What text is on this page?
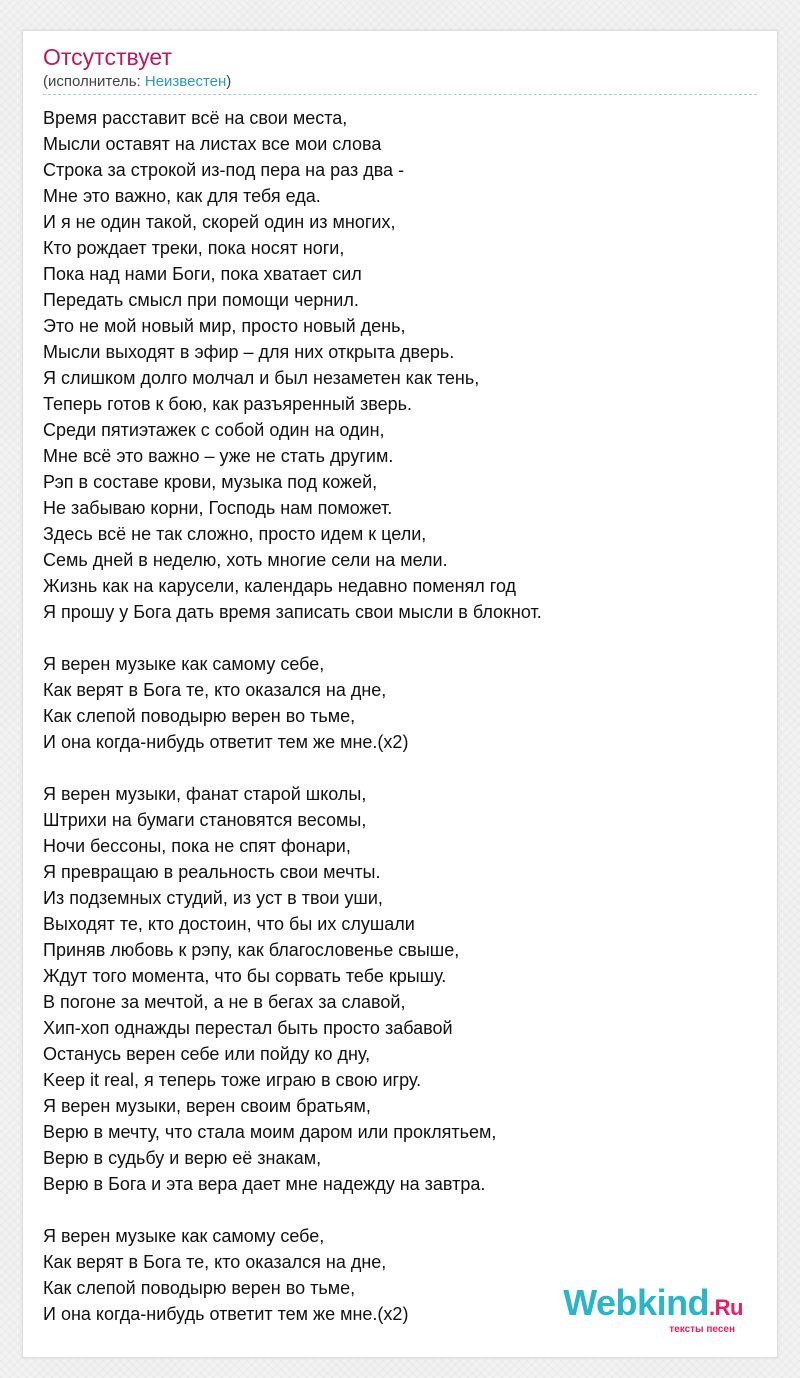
Отсутствует
(исполнитель: Неизвестен)
Время расставит всё на свои места,
Мысли оставят на листах все мои слова
Строка за строкой из-под пера на раз два -
Мне это важно, как для тебя еда.
И я не один такой, скорей один из многих,
Кто рождает треки, пока носят ноги,
Пока над нами Боги, пока хватает сил
Передать смысл при помощи чернил.
Это не мой новый мир, просто новый день,
Мысли выходят в эфир – для них открыта дверь.
Я слишком долго молчал и был незаметен как тень,
Теперь готов к бою, как разъяренный зверь.
Среди пятиэтажек с собой один на один,
Мне всё это важно – уже не стать другим.
Рэп в составе крови, музыка под кожей,
Не забываю корни, Господь нам поможет.
Здесь всё не так сложно, просто идем к цели,
Семь дней в неделю, хоть многие сели на мели.
Жизнь как на карусели, календарь недавно поменял год
Я прошу у Бога дать время записать свои мысли в блокнот.
Я верен музыке как самому себе,
Как верят в Бога те, кто оказался на дне,
Как слепой поводырю верен во тьме,
И она когда-нибудь ответит тем же мне.(x2)
Я верен музыки, фанат старой школы,
Штрихи на бумаги становятся весомы,
Ночи бессоны, пока не спят фонари,
Я превращаю в реальность свои мечты.
Из подземных студий, из уст в твои уши,
Выходят те, кто достоин, что бы их слушали
Приняв любовь к рэпу, как благословенье свыше,
Ждут того момента, что бы сорвать тебе крышу.
В погоне за мечтой, а не в бегах за славой,
Хип-хоп однажды перестал быть просто забавой
Останусь верен себе или пойду ко дну,
Keep it real, я теперь тоже играю в свою игру.
Я верен музыки, верен своим братьям,
Верю в мечту, что стала моим даром или проклятьем,
Верю в судьбу и верю её знакам,
Верю в Бога и эта вера дает мне надежду на завтра.
Я верен музыке как самому себе,
Как верят в Бога те, кто оказался на дне,
Как слепой поводырю верен во тьме,
И она когда-нибудь ответит тем же мне.(x2)	Webkind.Ru
тексты песен
